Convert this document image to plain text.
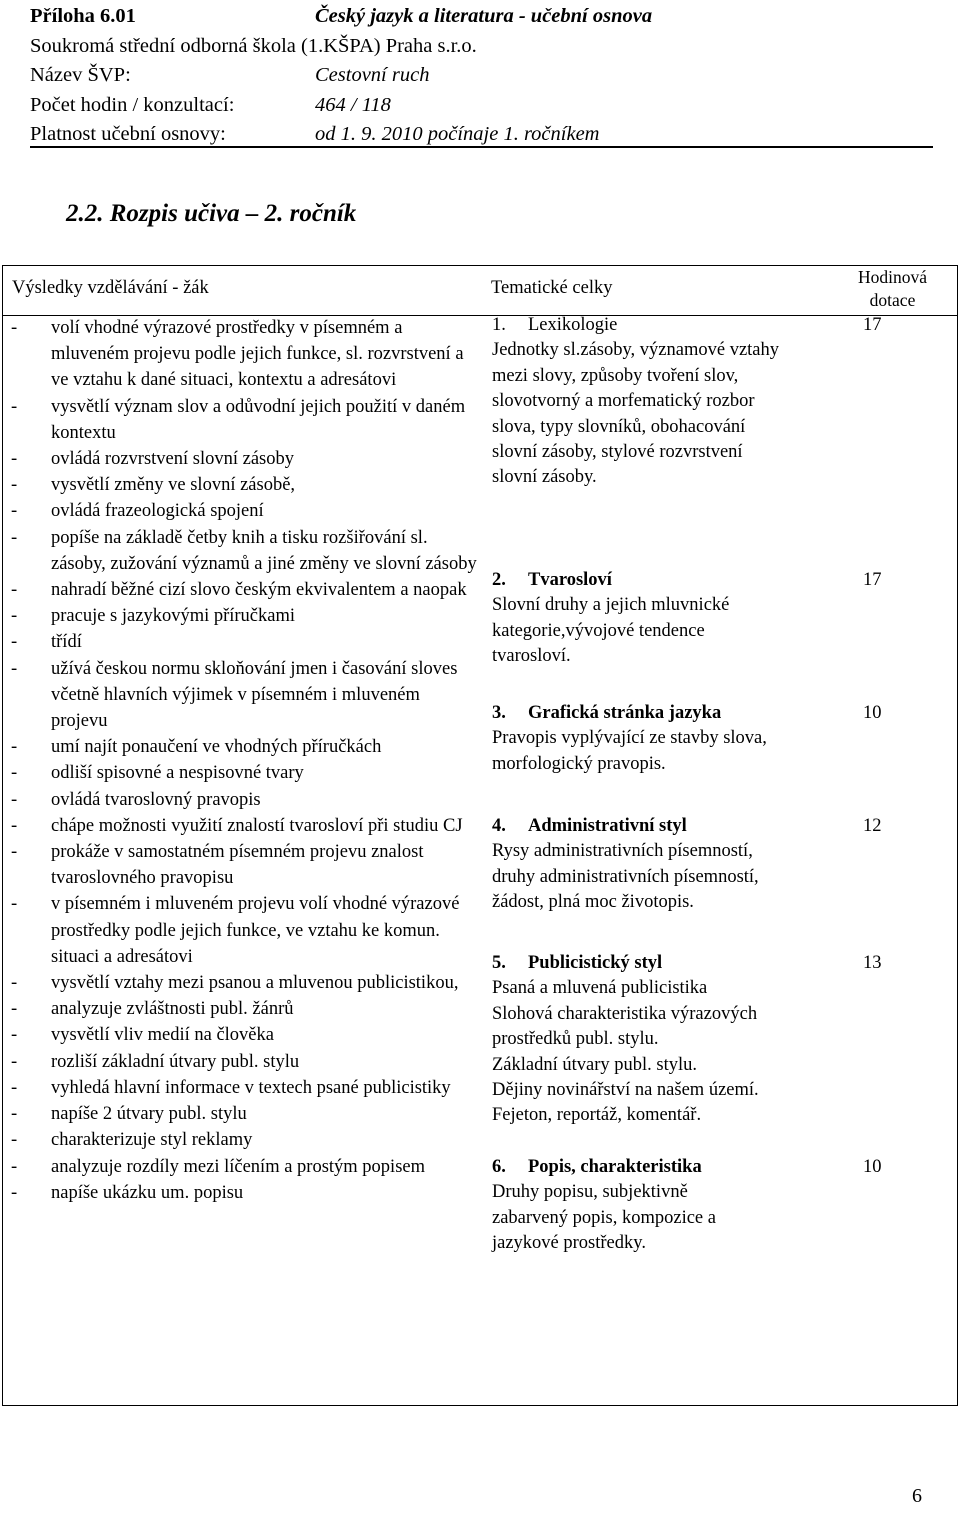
Příloha 6.01	Český jazyk a literatura - učební osnova
Soukromá střední odborná škola (1.KŠPA) Praha s.r.o.
Název ŠVP:	Cestovní ruch
Počet hodin / konzultací:	464 / 118
Platnost učební osnovy:	od 1. 9. 2010 počínaje 1. ročníkem
2.2. Rozpis učiva – 2. ročník
Výsledky vzdělávání - žák	Tematické celky
Hodinová
dotace
- volí vhodné výrazové prostředky v písemném a mluveném projevu podle jejich funkce, sl. rozvrstvení a ve vztahu k dané situaci, kontextu a adresátovi
- vysvětlí význam slov a odůvodní jejich použití v daném kontextu
- ovládá rozvrstvení slovní zásoby
- vysvětlí změny ve slovní zásobě,
- ovládá frazeologická spojení
- popíše na základě četby knih a tisku rozšiřování sl. zásoby, zužování významů a jiné změny ve slovní zásoby
- nahradí běžné cizí slovo českým ekvivalentem a naopak
- pracuje s jazykovými příručkami
- třídí
- užívá českou normu skloňování jmen i časování sloves včetně hlavních výjimek v písemném i mluveném projevu
- umí najít ponaučení ve vhodných příručkách
- odliší spisovné a nespisovné tvary
- ovládá tvaroslovný pravopis
- chápe možnosti využití znalostí tvarosloví při studiu CJ
- prokáže v samostatném písemném projevu znalost tvaroslovného pravopisu
- v písemném i mluveném projevu volí vhodné výrazové prostředky podle jejich funkce, ve vztahu ke komun. situaci a adresátovi
- vysvětlí vztahy mezi psanou a mluvenou publicistikou,
- analyzuje zvláštnosti publ. žánrů
- vysvětlí vliv medií na člověka
- rozliší základní útvary publ. stylu
- vyhledá hlavní informace v textech psané publicistiky
- napíše 2 útvary publ. stylu
- charakterizuje styl reklamy
- analyzuje rozdíly mezi líčením a prostým popisem
- napíše ukázku um. popisu
1.	Lexikologie	17
Jednotky sl.zásoby, významové vztahy
mezi slovy, způsoby tvoření slov,
slovotvorný a morfematický rozbor
slova, typy slovníků, obohacování
slovní zásoby, stylové rozvrstvení
slovní zásoby.
2.	Tvarosloví	17
Slovní druhy a jejich mluvnické
kategorie,vývojové tendence
tvarosloví.
3.	Grafická stránka jazyka	10
Pravopis vyplývající ze stavby slova,
morfologický pravopis.
4.	Administrativní styl	12
Rysy administrativních písemností,
druhy administrativních písemností,
žádost, plná moc životopis.
5.	Publicistický styl	13
Psaná a mluvená publicistika
Slohová charakteristika výrazových
prostředků publ. stylu.
Základní útvary publ. stylu.
Dějiny novinářství na našem území.
Fejeton, reportáž, komentář.
6.	Popis, charakteristika	10
Druhy popisu, subjektivně
zabarvený popis, kompozice a
jazykové prostředky.
6
